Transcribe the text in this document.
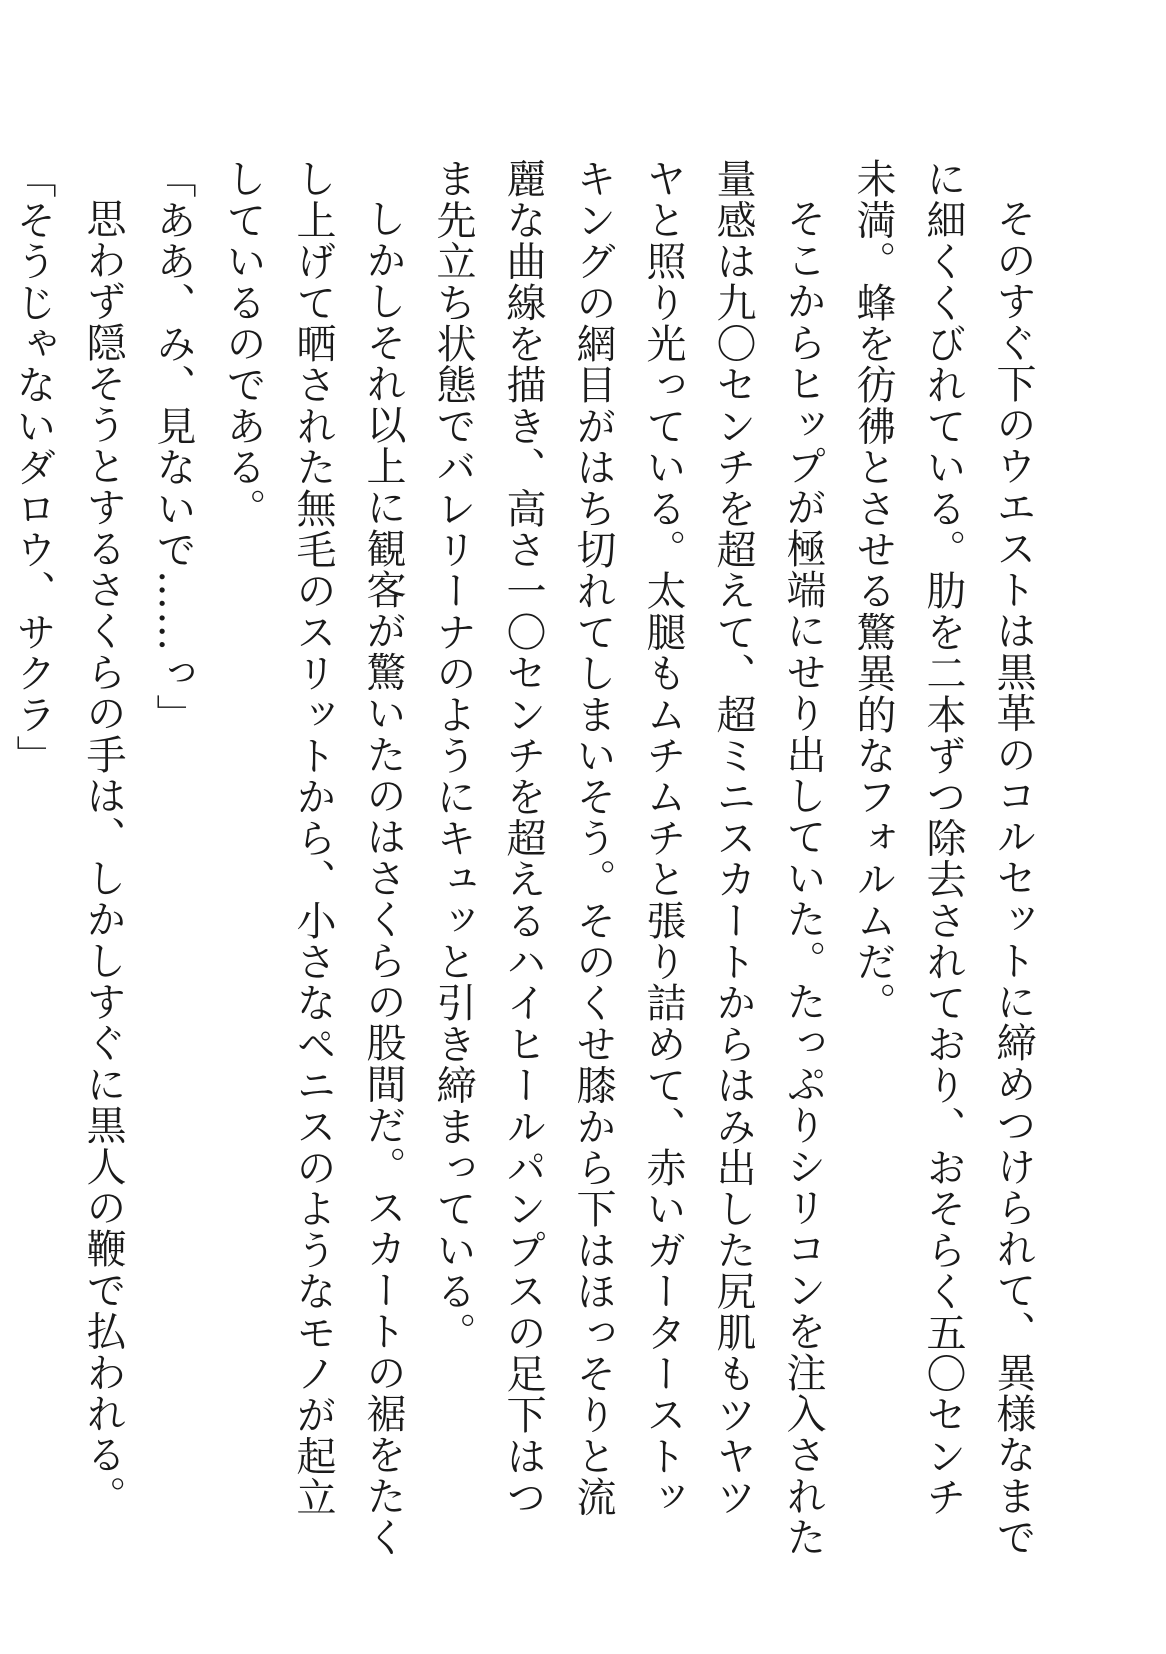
そのすぐ下のウエストは黒革のコルセットに締めつけられて、異様なまでに細くくびれている。肋を二本ずつ除去されており、おそらく五〇センチ未満。蜂を彷彿とさせる驚異的なフォルムだ。

そこからヒップが極端にせり出していた。たっぷりシリコンを注入された量感は九〇センチを超えて、超ミニスカートからはみ出した尻肌もツヤツヤと照り光っている。太腿もムチムチと張り詰めて、赤いガーターストッキングの網目がはち切れてしまいそう。そのくせ膝から下はほっそりと流麗な曲線を描き、高さ一〇センチを超えるハイヒールパンプスの足下はつま先立ち状態でバレリーナのようにキュッと引き締まっている。

しかしそれ以上に観客が驚いたのはさくらの股間だ。スカートの裾をたくし上げて晒された無毛のスリットから、小さなペニスのようなモノが起立しているのである。

「ああ、み、見ないで……っ」

思わず隠そうとするさくらの手は、しかしすぐに黒人の鞭で払われる。

「そうじゃないダロウ、サクラ」
